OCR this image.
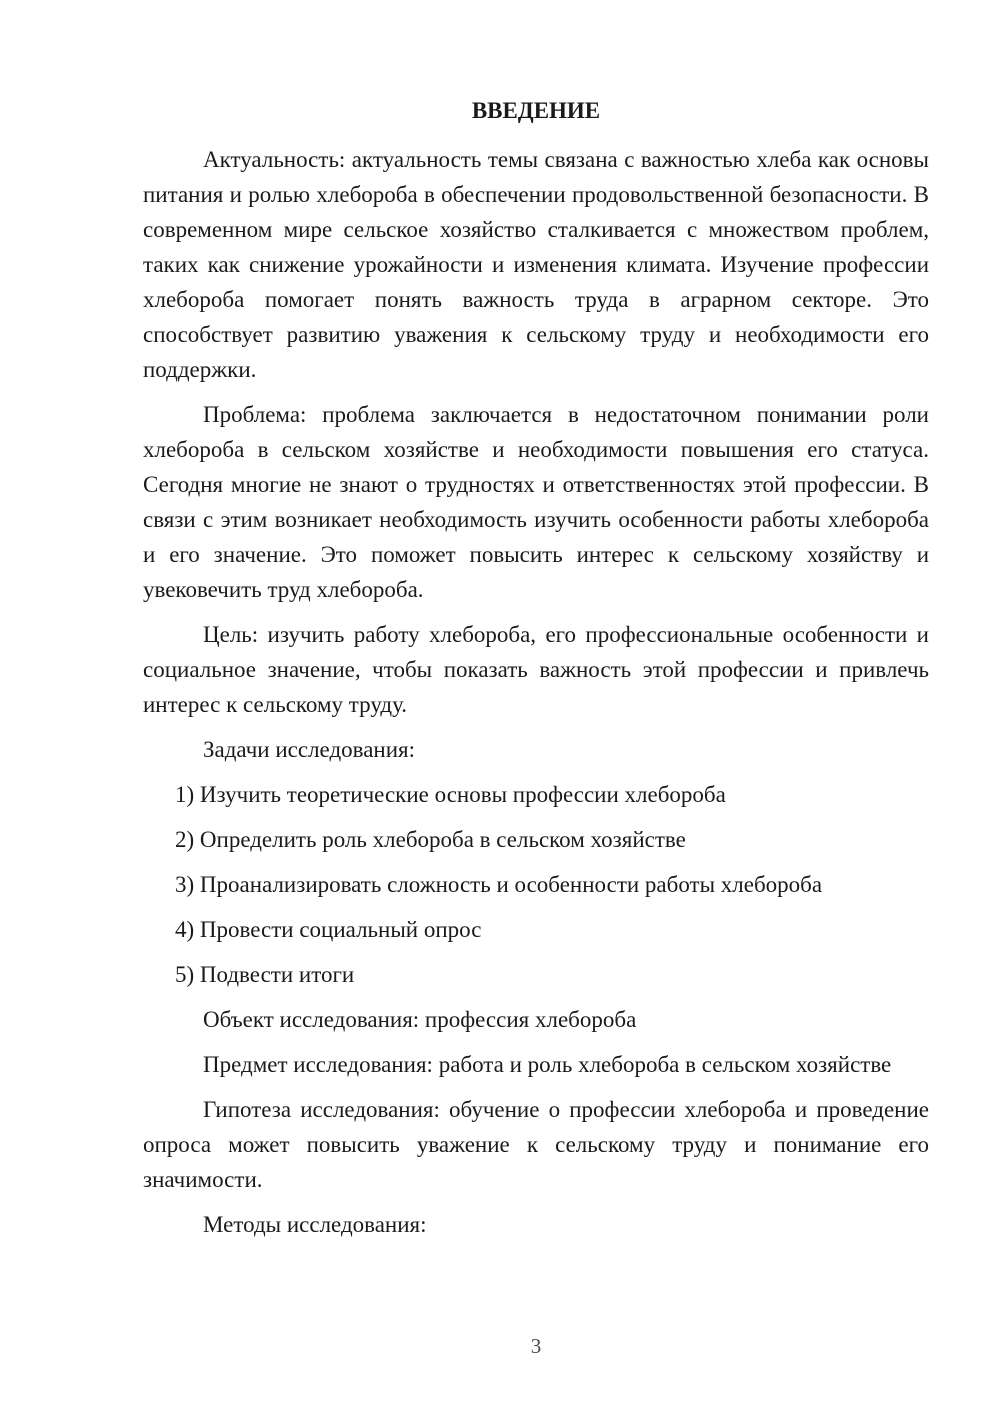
ВВЕДЕНИЕ

Актуальность: актуальность темы связана с важностью хлеба как основы питания и ролью хлебороба в обеспечении продовольственной безопасности. В современном мире сельское хозяйство сталкивается с множеством проблем, таких как снижение урожайности и изменения климата. Изучение профессии хлебороба помогает понять важность труда в аграрном секторе. Это способствует развитию уважения к сельскому труду и необходимости его поддержки.

Проблема: проблема заключается в недостаточном понимании роли хлебороба в сельском хозяйстве и необходимости повышения его статуса. Сегодня многие не знают о трудностях и ответственностях этой профессии. В связи с этим возникает необходимость изучить особенности работы хлебороба и его значение. Это поможет повысить интерес к сельскому хозяйству и увековечить труд хлебороба.

Цель: изучить работу хлебороба, его профессиональные особенности и социальное значение, чтобы показать важность этой профессии и привлечь интерес к сельскому труду.

Задачи исследования:

1) Изучить теоретические основы профессии хлебороба

2) Определить роль хлебороба в сельском хозяйстве

3) Проанализировать сложность и особенности работы хлебороба

4) Провести социальный опрос

5) Подвести итоги

Объект исследования: профессия хлебороба

Предмет исследования: работа и роль хлебороба в сельском хозяйстве

Гипотеза исследования: обучение о профессии хлебороба и проведение опроса может повысить уважение к сельскому труду и понимание его значимости.

Методы исследования:

3
